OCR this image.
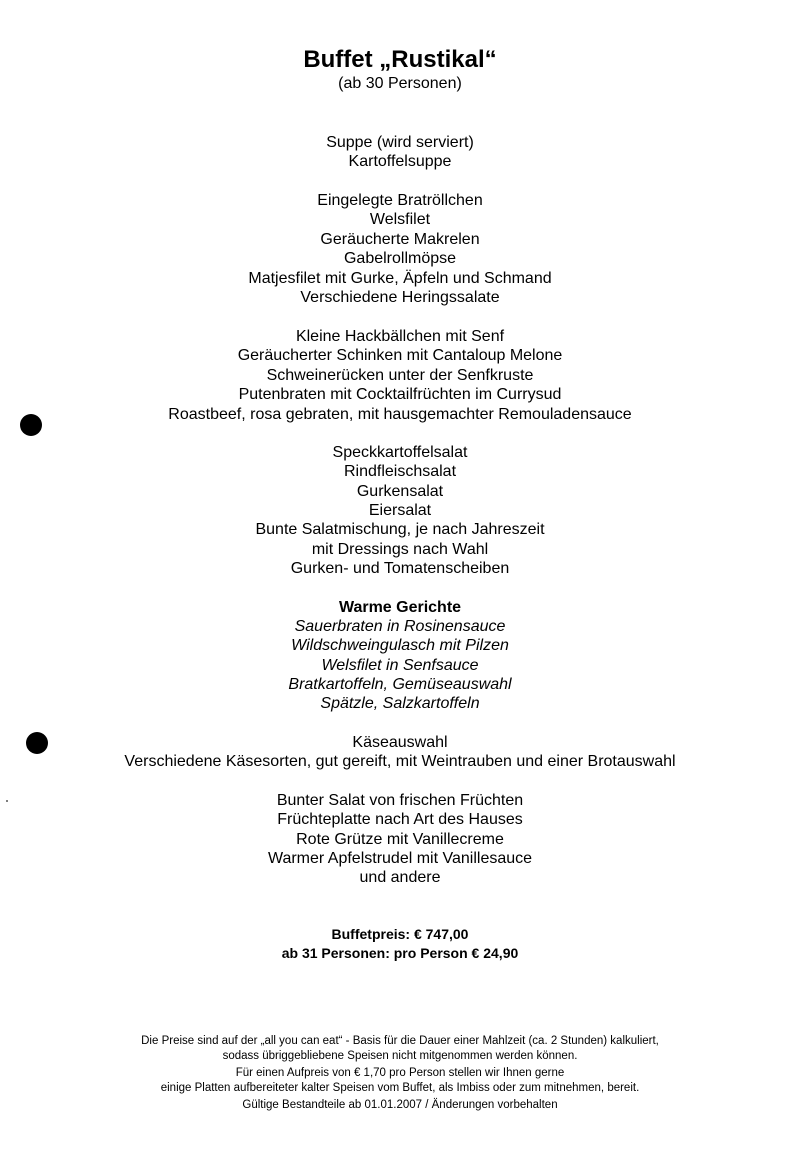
Buffet „Rustikal“
(ab 30 Personen)
Suppe (wird serviert)
Kartoffelsuppe
Eingelegte Bratröllchen
Welsfilet
Geräucherte Makrelen
Gabelrollmöpse
Matjesfilet mit Gurke, Äpfeln und Schmand
Verschiedene Heringssalate
Kleine Hackbällchen mit Senf
Geräucherter Schinken mit Cantaloup Melone
Schweinerücken unter der Senfkruste
Putenbraten mit Cocktailfrüchten im Currysud
Roastbeef, rosa gebraten, mit hausgemachter Remouladensauce
Speckkartoffelsalat
Rindfleischsalat
Gurkensalat
Eiersalat
Bunte Salatmischung, je nach Jahreszeit
mit Dressings nach Wahl
Gurken- und Tomatenscheiben
Warme Gerichte
Sauerbraten in Rosinensauce
Wildschweingulasch mit Pilzen
Welsfilet in Senfsauce
Bratkartoffeln, Gemüseauswahl
Spätzle, Salzkartoffeln
Käseauswahl
Verschiedene Käsesorten, gut gereift, mit Weintrauben und einer Brotauswahl
Bunter Salat von frischen Früchten
Früchteplatte nach Art des Hauses
Rote Grütze mit Vanillecreme
Warmer Apfelstrudel mit Vanillesauce
und andere
Buffetpreis: € 747,00
ab 31 Personen: pro Person € 24,90
Die Preise sind auf der „all you can eat“ - Basis für die Dauer einer Mahlzeit (ca. 2 Stunden) kalkuliert,
sodass übriggebliebene Speisen nicht mitgenommen werden können.
Für einen Aufpreis von € 1,70 pro Person stellen wir Ihnen gerne
einige Platten aufbereiteter kalter Speisen vom Buffet, als Imbiss oder zum mitnehmen, bereit.
Gültige Bestandteile ab 01.01.2007 / Änderungen vorbehalten
